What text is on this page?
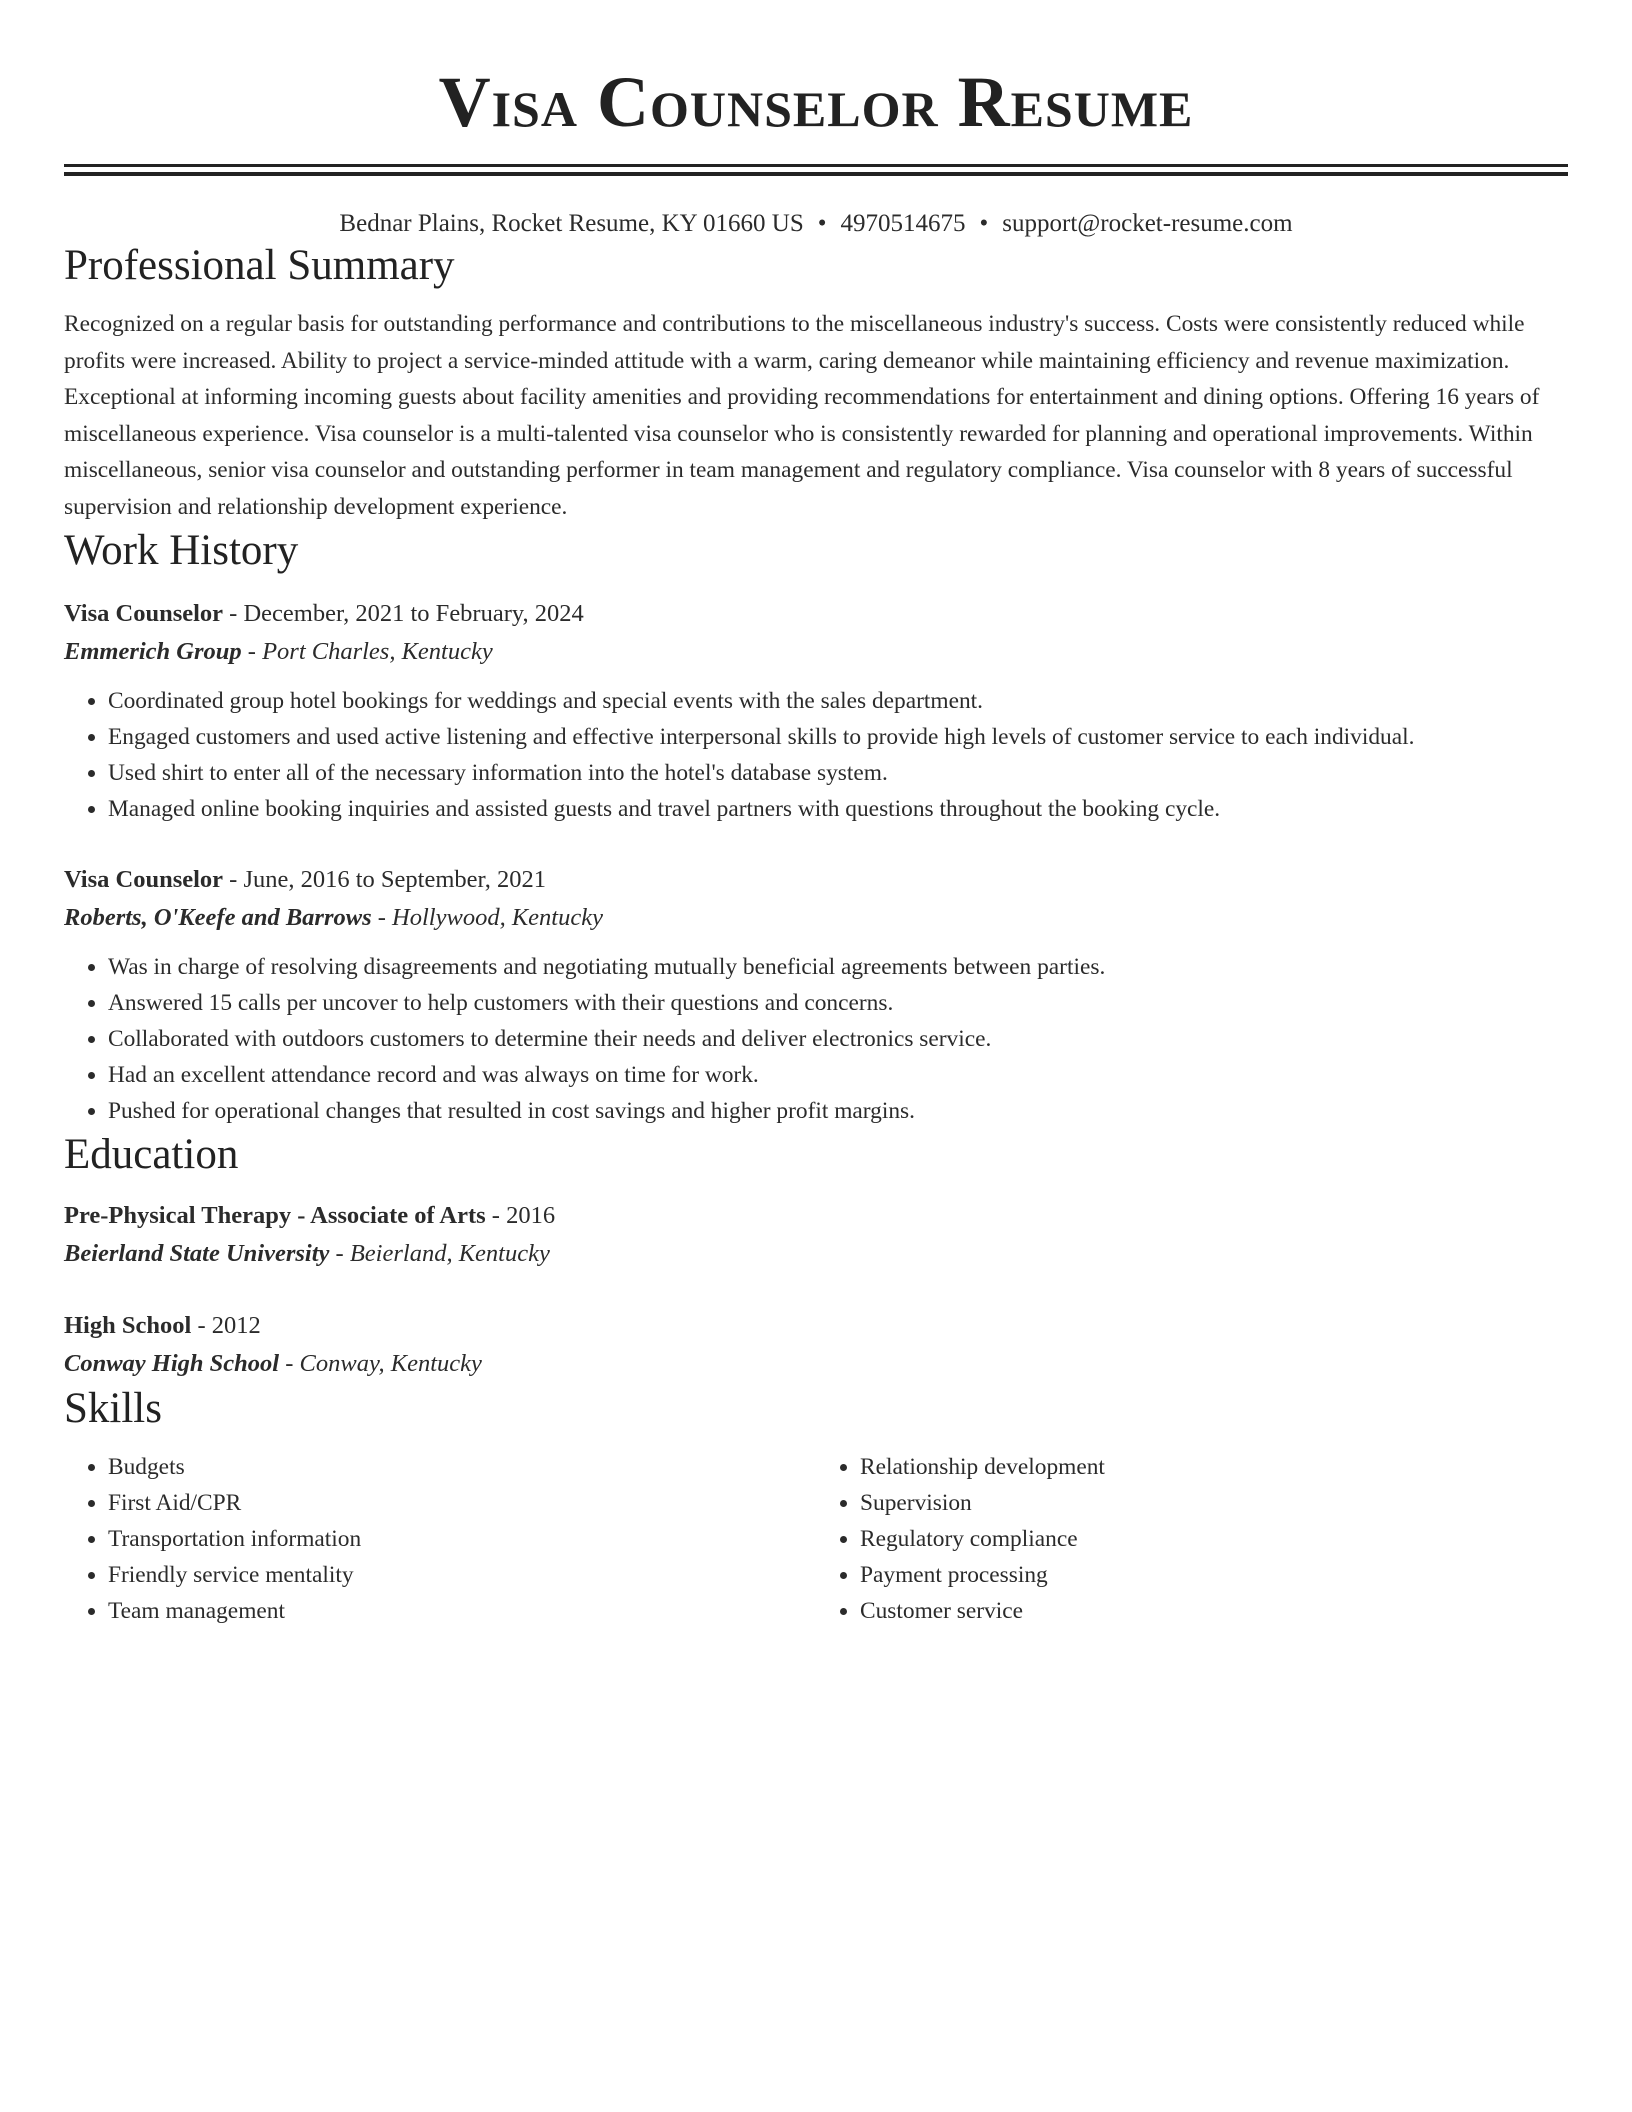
Visa Counselor Resume
Bednar Plains, Rocket Resume, KY 01660 US • 4970514675 • support@rocket-resume.com
Professional Summary

Recognized on a regular basis for outstanding performance and contributions to the miscellaneous industry's success. Costs were consistently reduced while profits were increased. Ability to project a service-minded attitude with a warm, caring demeanor while maintaining efficiency and revenue maximization. Exceptional at informing incoming guests about facility amenities and providing recommendations for entertainment and dining options. Offering 16 years of miscellaneous experience. Visa counselor is a multi-talented visa counselor who is consistently rewarded for planning and operational improvements. Within miscellaneous, senior visa counselor and outstanding performer in team management and regulatory compliance. Visa counselor with 8 years of successful supervision and relationship development experience.

Work History
Visa Counselor - December, 2021 to February, 2024
Emmerich Group - Port Charles, Kentucky
• Coordinated group hotel bookings for weddings and special events with the sales department.
• Engaged customers and used active listening and effective interpersonal skills to provide high levels of customer service to each individual.
• Used shirt to enter all of the necessary information into the hotel's database system.
• Managed online booking inquiries and assisted guests and travel partners with questions throughout the booking cycle.
Visa Counselor - June, 2016 to September, 2021
Roberts, O'Keefe and Barrows - Hollywood, Kentucky
• Was in charge of resolving disagreements and negotiating mutually beneficial agreements between parties.
• Answered 15 calls per uncover to help customers with their questions and concerns.
• Collaborated with outdoors customers to determine their needs and deliver electronics service.
• Had an excellent attendance record and was always on time for work.
• Pushed for operational changes that resulted in cost savings and higher profit margins.
Education
Pre-Physical Therapy - Associate of Arts - 2016
Beierland State University - Beierland, Kentucky
High School - 2012
Conway High School - Conway, Kentucky
Skills
• Budgets
• First Aid/CPR
• Transportation information
• Friendly service mentality
• Team management
• Relationship development
• Supervision
• Regulatory compliance
• Payment processing
• Customer service
